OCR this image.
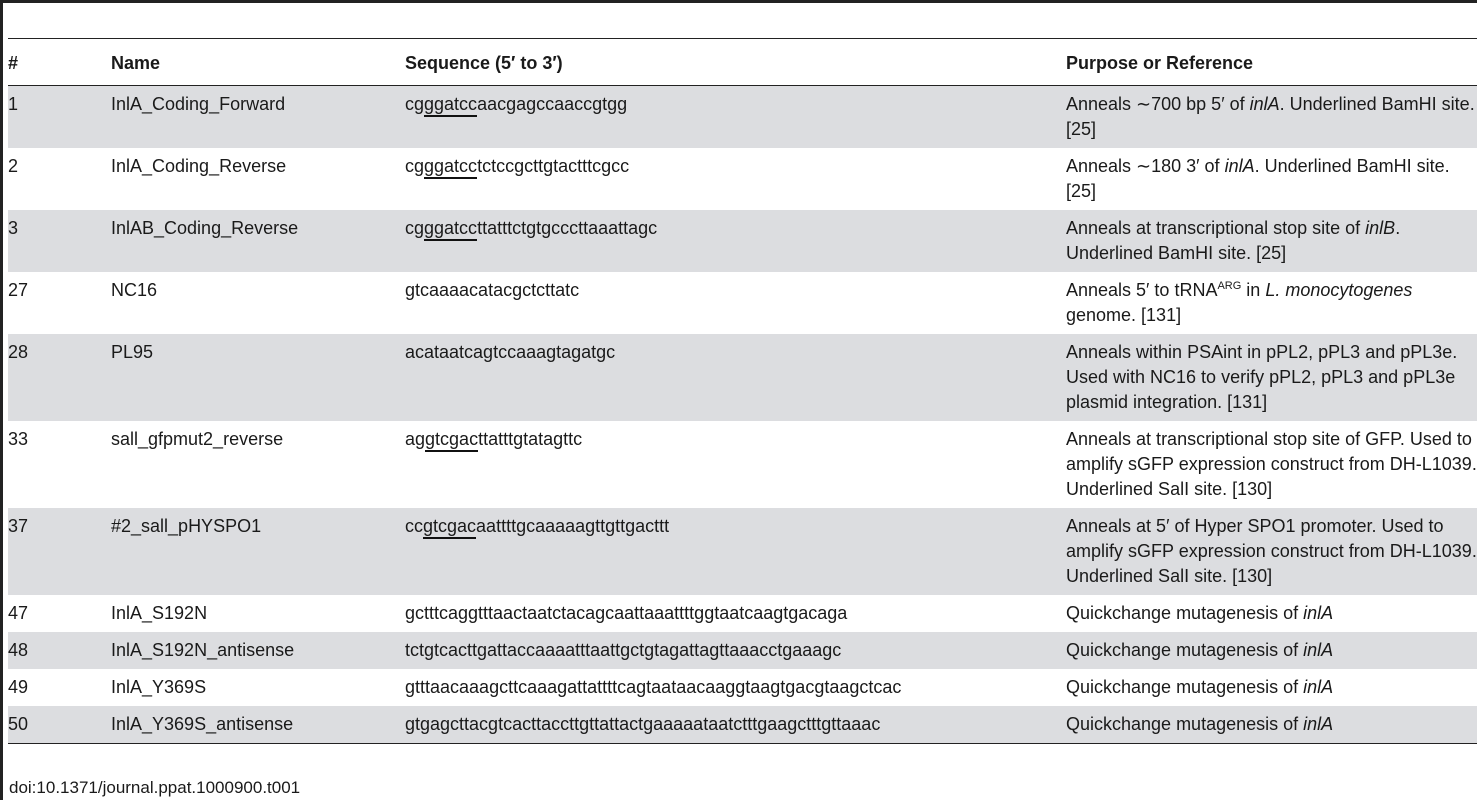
#	Name	Sequence (5′ to 3′)	Purpose or Reference
1	InlA_Coding_Forward	cgggatccaacgagccaaccgtgg	Anneals ∼700 bp 5′ of inlA. Underlined BamHI site. [25]
2	InlA_Coding_Reverse	cgggatcctctccgcttgtactttcgcc	Anneals ∼180 3′ of inlA. Underlined BamHI site. [25]
3	InlAB_Coding_Reverse	cgggatccttatttctgtgcccttaaattagc	Anneals at transcriptional stop site of inlB. Underlined BamHI site. [25]
27	NC16	gtcaaaacatacgctcttatc	Anneals 5′ to tRNA$^{ARG}$ in L. monocytogenes genome. [131]
28	PL95	acataatcagtccaaagtagatgc	Anneals within PSAint in pPL2, pPL3 and pPL3e. Used with NC16 to verify pPL2, pPL3 and pPL3e plasmid integration. [131]
33	sall_gfpmut2_reverse	aggtcgacttatttgtatagttc	Anneals at transcriptional stop site of GFP. Used to amplify sGFP expression construct from DH-L1039. Underlined SalI site. [130]
37	#2_sall_pHYSPO1	ccgtcgacaattttgcaaaaagttgttgacttt	Anneals at 5′ of Hyper SPO1 promoter. Used to amplify sGFP expression construct from DH-L1039. Underlined SalI site. [130]
47	InlA_S192N	gctttcaggtttaactaatctacagcaattaaattttggtaatcaagtgacaga	Quickchange mutagenesis of inlA
48	InlA_S192N_antisense	tctgtcacttgattaccaaaatttaattgctgtagattagttaaacctgaaagc	Quickchange mutagenesis of inlA
49	InlA_Y369S	gtttaacaaagcttcaaagattattttcagtaataacaaggtaagtgacgtaagctcac	Quickchange mutagenesis of inlA
50	InlA_Y369S_antisense	gtgagcttacgtcacttaccttgttattactgaaaaataatctttgaagctttgttaaac	Quickchange mutagenesis of inlA
doi:10.1371/journal.ppat.1000900.t001
